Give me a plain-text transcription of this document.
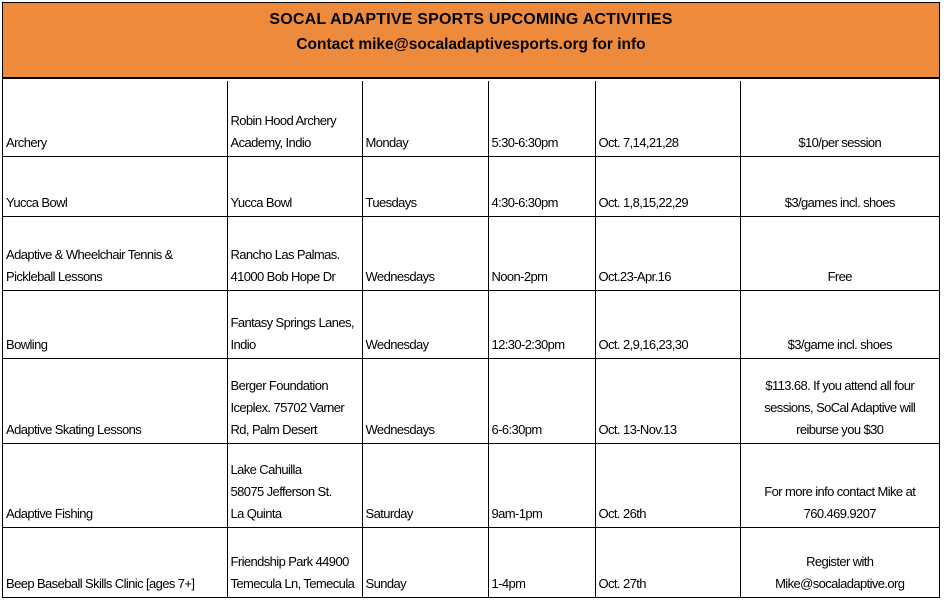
SOCAL ADAPTIVE SPORTS UPCOMING ACTIVITIES
Contact mike@socaladaptivesports.org for info
Archery	Robin Hood Archery
Academy, Indio	Monday	5:30-6:30pm	Oct. 7,14,21,28	$10/per session

Yucca Bowl	Yucca Bowl	Tuesdays	4:30-6:30pm	Oct. 1,8,15,22,29	$3/games incl. shoes

Adaptive & Wheelchair Tennis &
Pickleball Lessons	Rancho Las Palmas.
41000 Bob Hope Dr	Wednesdays	Noon-2pm	Oct.23-Apr.16	Free

Bowling	Fantasy Springs Lanes,
Indio	Wednesday	12:30-2:30pm	Oct. 2,9,16,23,30	$3/game incl. shoes

Adaptive Skating Lessons	Berger Foundation
Iceplex. 75702 Varner
Rd, Palm Desert	Wednesdays	6-6:30pm	Oct. 13-Nov.13	$113.68. If you attend all four
sessions, SoCal Adaptive will
reiburse you $30

Adaptive Fishing	Lake Cahuilla
58075 Jefferson St.
La Quinta	Saturday	9am-1pm	Oct. 26th	For more info contact Mike at
760.469.9207

Beep Baseball Skills Clinic [ages 7+]	Friendship Park 44900
Temecula Ln, Temecula	Sunday	1-4pm	Oct. 27th	Register with
Mike@socaladaptive.org
